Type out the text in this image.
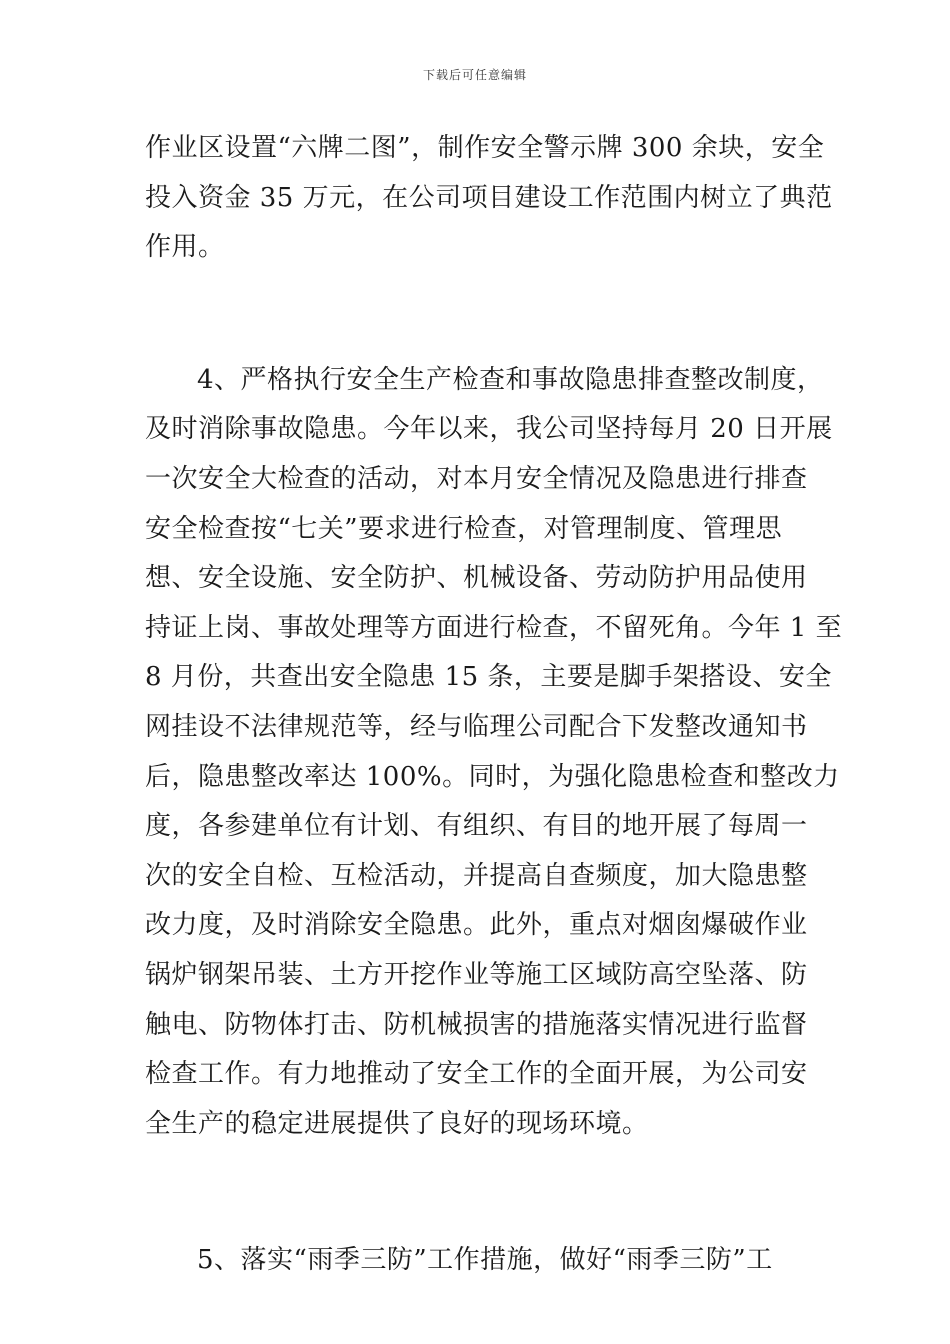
下载后可任意编辑
作业区设置“六牌二图”，制作安全警示牌 300 余块，安全
投入资金 35 万元，在公司项目建设工作范围内树立了典范
作用。
4、严格执行安全生产检查和事故隐患排查整改制度，
及时消除事故隐患。今年以来，我公司坚持每月 20 日开展
一次安全大检查的活动，对本月安全情况及隐患进行排查
安全检查按“七关”要求进行检查，对管理制度、管理思
想、安全设施、安全防护、机械设备、劳动防护用品使用
持证上岗、事故处理等方面进行检查，不留死角。今年 1 至
8 月份，共查出安全隐患 15 条，主要是脚手架搭设、安全
网挂设不法律规范等，经与临理公司配合下发整改通知书
后，隐患整改率达 100%。同时，为强化隐患检查和整改力
度，各参建单位有计划、有组织、有目的地开展了每周一
次的安全自检、互检活动，并提高自查频度，加大隐患整
改力度，及时消除安全隐患。此外，重点对烟囱爆破作业
锅炉钢架吊装、土方开挖作业等施工区域防高空坠落、防
触电、防物体打击、防机械损害的措施落实情况进行监督
检查工作。有力地推动了安全工作的全面开展，为公司安
全生产的稳定进展提供了良好的现场环境。
5、落实“雨季三防”工作措施，做好“雨季三防”工
